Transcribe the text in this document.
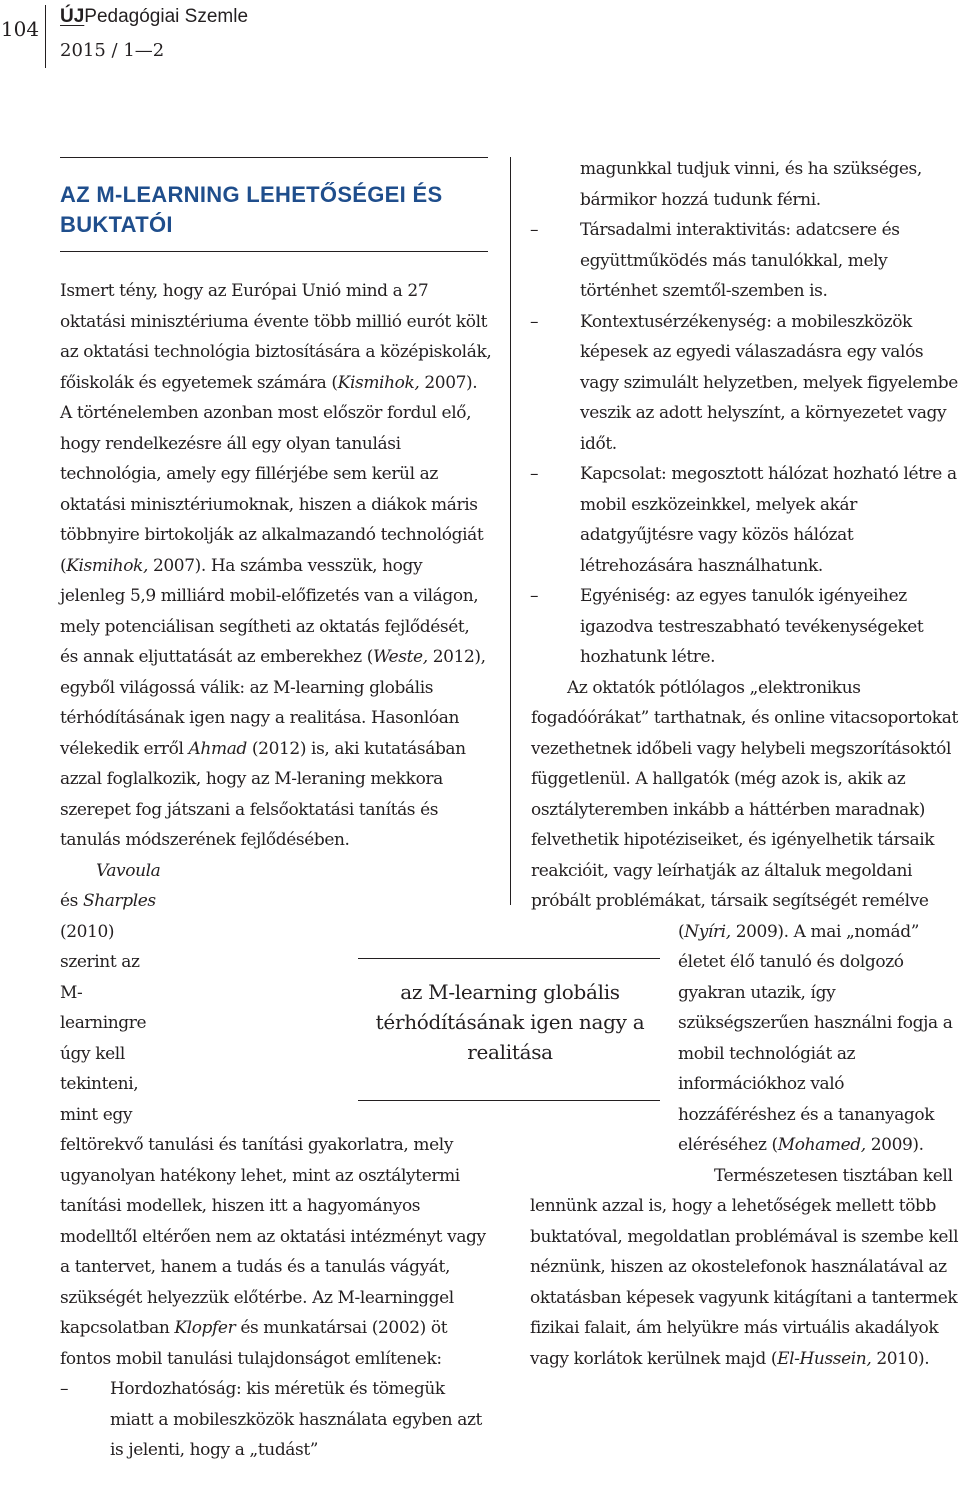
104
ÚJPedagógiai Szemle
2015 / 1—2
AZ M-LEARNING LEHETŐSÉGEI ÉS BUKTATÓI

az M-learning globális térhódításának igen nagy a realitása

Ismert tény, hogy az Európai Unió mind a 27 oktatási minisztériuma évente több millió eurót költ az oktatási technológia biztosítására a középiskolák, főiskolák és egyetemek számára (Kismihok, 2007). A történelemben azonban most először fordul elő, hogy rendelkezésre áll egy olyan tanulási technológia, amely egy fillérjébe sem kerül az oktatási minisztériumoknak, hiszen a diákok máris többnyire birtokolják az alkalmazandó technológiát (Kismihok, 2007). Ha számba vesszük, hogy jelenleg 5,9 milliárd mobil-előfizetés van a világon, mely potenciálisan segítheti az oktatás fejlődését, és annak eljuttatását az emberekhez (Weste, 2012), egyből világossá válik: az M-learning globális térhódításának igen nagy a realitása. Hasonlóan vélekedik erről Ahmad (2012) is, aki kutatásában azzal foglalkozik, hogy az M-leraning mekkora szerepet fog játszani a felsőoktatási tanítás és tanulás módszerének fejlődésében.

Vavoula és Sharples (2010) szerint az M-learningre úgy kell tekinteni, mint egy feltörekvő tanulási és tanítási gyakorlatra, mely ugyanolyan hatékony lehet, mint az osztálytermi tanítási modellek, hiszen itt a hagyományos modelltől eltérően nem az oktatási intézményt vagy a tantervet, hanem a tudás és a tanulás vágyát, szükségét helyezzük előtérbe. Az M-learninggel kapcsolatban Klopfer és munkatársai (2002) öt fontos mobil tanulási tulajdonságot említenek:

– Hordozhatóság: kis méretük és tömegük miatt a mobileszközök használata egyben azt is jelenti, hogy a „tudást”

magunkkal tudjuk vinni, és ha szükséges, bármikor hozzá tudunk férni.

– Társadalmi interaktivitás: adatcsere és együttműködés más tanulókkal, mely történhet szemtől-szemben is.

– Kontextusérzékenység: a mobileszközök képesek az egyedi válaszadásra egy valós vagy szimulált helyzetben, melyek figyelembe veszik az adott helyszínt, a környezetet vagy időt.

– Kapcsolat: megosztott hálózat hozható létre a mobil eszközeinkkel, melyek akár adatgyűjtésre vagy közös hálózat létrehozására használhatunk.

– Egyéniség: az egyes tanulók igényeihez igazodva testreszabható tevékenységeket hozhatunk létre.

Az oktatók pótlólagos „elektronikus fogadóórákat” tarthatnak, és online vitacsoportokat vezethetnek időbeli vagy helybeli megszorításoktól függetlenül. A hallgatók (még azok is, akik az osztályteremben inkább a háttérben maradnak) felvethetik hipotéziseiket, és igényelhetik társaik reakcióit, vagy leírhatják az általuk megoldani próbált problémákat, társaik segítségét remélve (Nyíri, 2009). A mai „nomád” életet élő tanuló és dolgozó gyakran utazik, így szükségszerűen használni fogja a mobil technológiát az információkhoz való hozzáféréshez és a tananyagok eléréséhez (Mohamed, 2009).

Természetesen tisztában kell lennünk azzal is, hogy a lehetőségek mellett több buktatóval, megoldatlan problémával is szembe kell néznünk, hiszen az okostelefonok használatával az oktatásban képesek vagyunk kitágítani a tantermek fizikai falait, ám helyükre más virtuális akadályok vagy korlátok kerülnek majd (El-Hussein, 2010).
